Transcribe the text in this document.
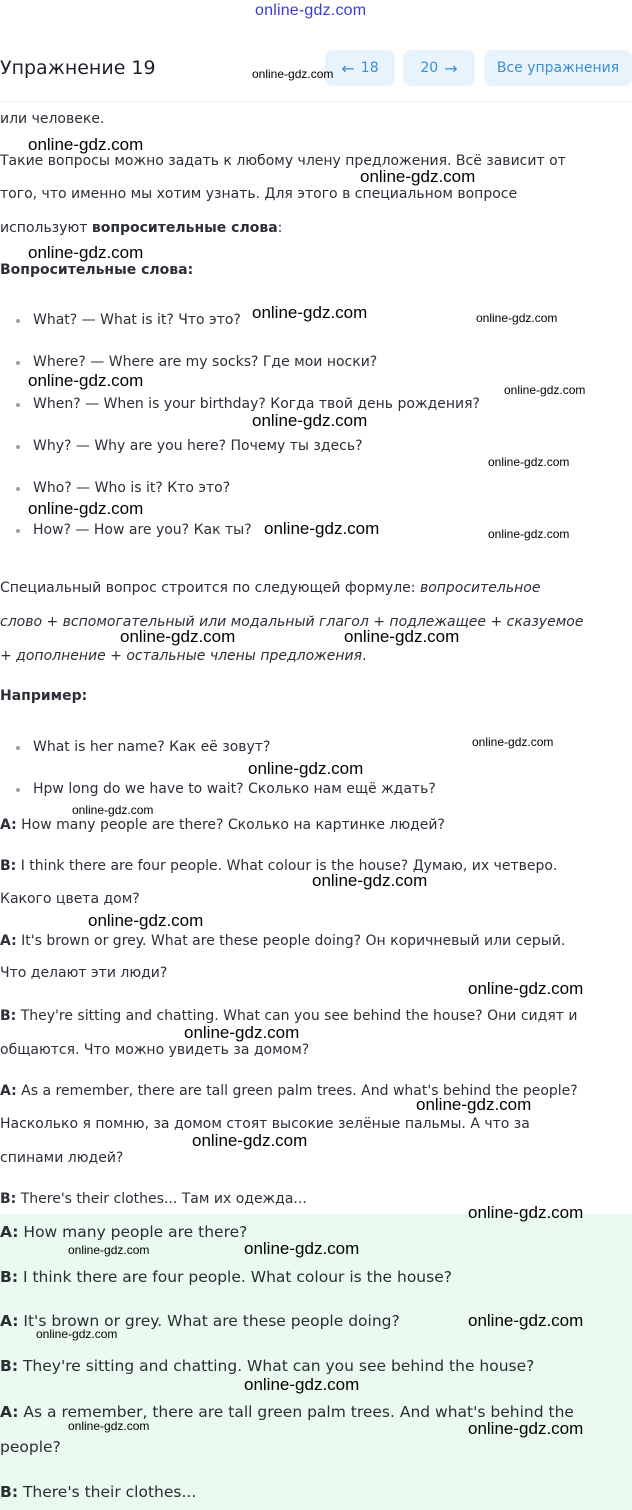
online-gdz.com
Упражнение 19	← 18	20 →	Все упражнения
или человеке.
Такие вопросы можно задать к любому члену предложения. Всё зависит от
того, что именно мы хотим узнать. Для этого в специальном вопросе
используют вопросительные слова:
Вопросительные слова:
What? — What is it? Что это?
Where? — Where are my socks? Где мои носки?
When? — When is your birthday? Когда твой день рождения?
Why? — Why are you here? Почему ты здесь?
Who? — Who is it? Кто это?
How? — How are you? Как ты?
Специальный вопрос строится по следующей формуле: вопросительное
слово + вспомогательный или модальный глагол + подлежащее + сказуемое
+ дополнение + остальные члены предложения.
Например:
What is her name? Как её зовут?
Hpw long do we have to wait? Сколько нам ещё ждать?
A: How many people are there? Сколько на картинке людей?
B: I think there are four people. What colour is the house? Думаю, их четверо.
Какого цвета дом?
A: It's brown or grey. What are these people doing? Он коричневый или серый.
Что делают эти люди?
B: They're sitting and chatting. What can you see behind the house? Они сидят и
общаются. Что можно увидеть за домом?
A: As a remember, there are tall green palm trees. And what's behind the people?
Насколько я помню, за домом стоят высокие зелёные пальмы. А что за
спинами людей?
B: There's their clothes... Там их одежда...
A: How many people are there?
B: I think there are four people. What colour is the house?
A: It's brown or grey. What are these people doing?
B: They're sitting and chatting. What can you see behind the house?
A: As a remember, there are tall green palm trees. And what's behind the
people?
B: There's their clothes...
online-gdz.com
online-gdz.com
online-gdz.com
online-gdz.com
online-gdz.com	online-gdz.com
online-gdz.com	online-gdz.com
online-gdz.com
online-gdz.com
online-gdz.com
online-gdz.com	online-gdz.com
online-gdz.com	online-gdz.com
online-gdz.com
online-gdz.com
online-gdz.com
online-gdz.com
online-gdz.com
online-gdz.com
online-gdz.com
online-gdz.com
online-gdz.com
online-gdz.com
online-gdz.com	online-gdz.com
online-gdz.com
online-gdz.com
online-gdz.com
online-gdz.com	online-gdz.com
